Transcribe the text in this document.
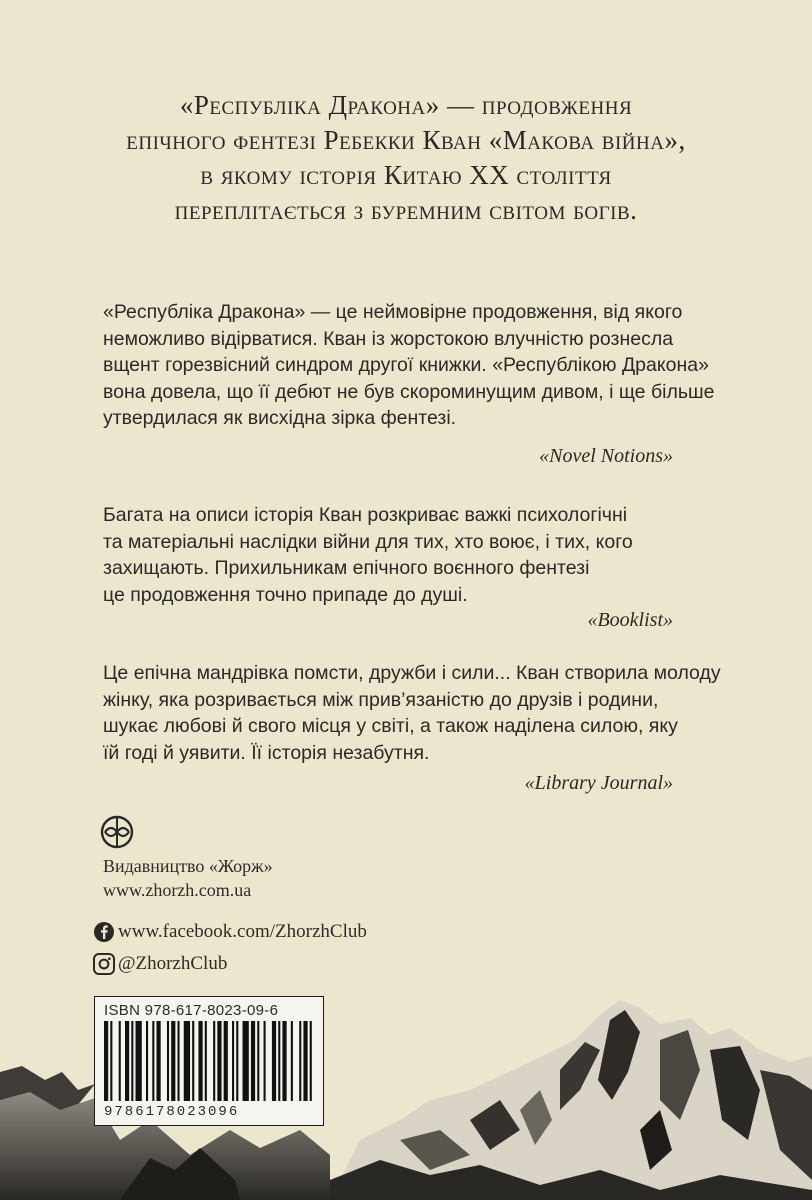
«Республіка Дракона» — продовження
епічного фентезі Ребекки Кван «Макова війна»,
в якому історія Китаю XX століття
переплітається з буремним світом богів.
«Республіка Дракона» — це неймовірне продовження, від якого
неможливо відірватися. Кван із жорстокою влучністю рознесла
вщент горезвісний синдром другої книжки. «Республікою Дракона»
вона довела, що її дебют не був скороминущим дивом, і ще більше
утвердилася як висхідна зірка фентезі.
«Novel Notions»
Багата на описи історія Кван розкриває важкі психологічні
та матеріальні наслідки війни для тих, хто воює, і тих, кого
захищають. Прихильникам епічного воєнного фентезі
це продовження точно припаде до душі.
«Booklist»
Це епічна мандрівка помсти, дружби і сили... Кван створила молоду
жінку, яка розривається між прив’язаністю до друзів і родини,
шукає любові й свого місця у світі, а також наділена силою, яку
їй годі й уявити. Її історія незабутня.
«Library Journal»
Видавництво «Жорж»
www.zhorzh.com.ua
www.facebook.com/ZhorzhClub
@ZhorzhClub
ISBN 978-617-8023-09-6
9786178023096
